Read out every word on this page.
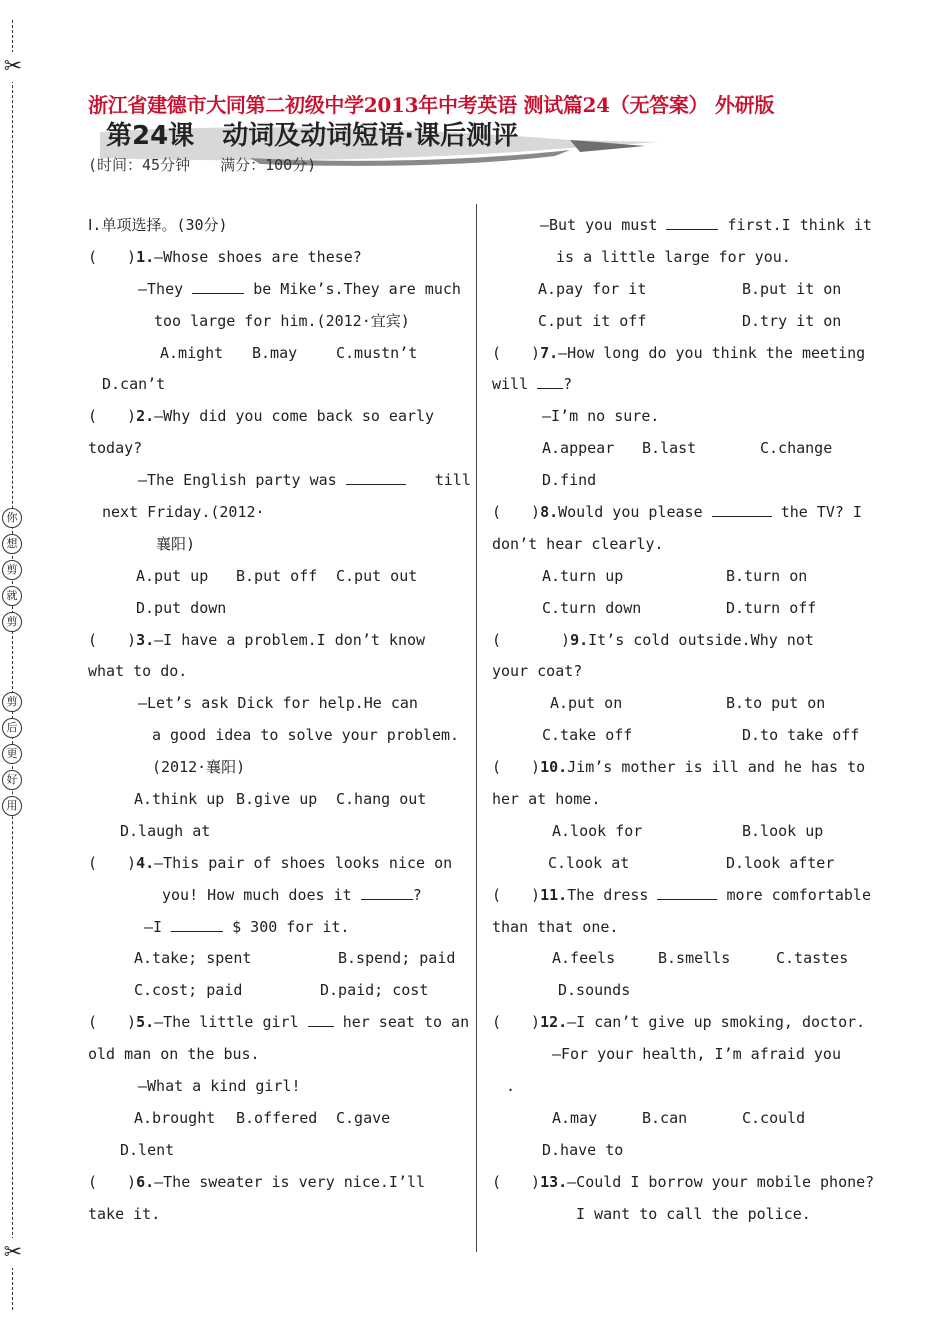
✂
你
想
剪
就
剪
剪
后
更
好
用
✂
浙江省建德市大同第二初级中学2013年中考英语 测试篇24（无答案） 外研版
第24课 动词及动词短语·课后测评
(时间：45分钟 满分：100分)
Ⅰ.单项选择。(30分)
(　　)1.—Whose shoes are these?
—They	be Mike’s.They are much
too large for him.(2012·宜宾)
A.might	B.may	C.mustn’t
D.can’t
(　　)2.—Why did you come back so early
today?
—The English party was	till
next Friday.(2012·
襄阳)
A.put up	B.put off	C.put out
D.put down
(　　)3.—I have a problem.I don’t know
what to do.
—Let’s ask Dick for help.He can
a good idea to solve your problem.
(2012·襄阳)
A.think up B.give up	C.hang out
D.laugh at
(　　)4.—This pair of shoes looks nice on
you! How much does it	?
—I	$ 300 for it.
A.take; spent	B.spend; paid
C.cost; paid	D.paid; cost
(　　)5.—The little girl	her seat to an
old man on the bus.
—What a kind girl!
A.brought	B.offered	C.gave
D.lent
(　　)6.—The sweater is very nice.I’ll
take it.
—But you must	first.I think it
is a little large for you.
A.pay for it	B.put it on
C.put it off	D.try it on
(　　)7.—How long do you think the meeting
will ?
—I’m no sure.
A.appear	B.last	C.change
D.find
(　　)8.Would you please	the TV? I
don’t hear clearly.
A.turn up	B.turn on
C.turn down	D.turn off
(　　　　)9.It’s cold outside.Why not
your coat?
A.put on	B.to put on
C.take off	D.to take off
(　　)10.Jim’s mother is ill and he has to
her at home.
A.look for	B.look up
C.look at	D.look after
(　　)11.The dress	more comfortable
than that one.
A.feels	B.smells	C.tastes
D.sounds
(　　)12.—I can’t give up smoking, doctor.
—For your health, I’m afraid you
.
A.may	B.can	C.could
D.have to
(　　)13.—Could I borrow your mobile phone?
I want to call the police.
